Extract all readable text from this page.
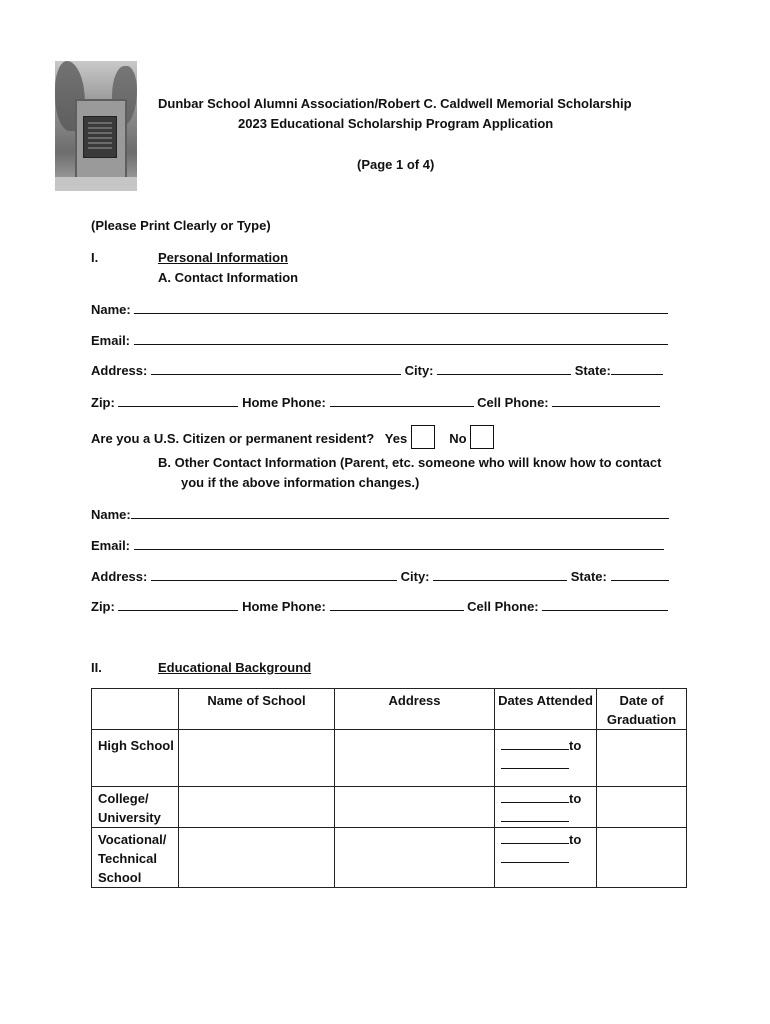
Dunbar School Alumni Association/Robert C. Caldwell Memorial Scholarship
2023 Educational Scholarship Program Application
(Page 1 of 4)
(Please Print Clearly or Type)
I.	Personal Information
A. Contact Information
Name:
Email:
Address:	City:	State:
Zip:	Home Phone:	Cell Phone:
Are you a U.S. Citizen or permanent resident? Yes	No
B. Other Contact Information (Parent, etc. someone who will know how to contact
you if the above information changes.)
Name:
Email:
Address:	City:	State:
Zip:	Home Phone:	Cell Phone:
II.	Educational Background
	Name of School	Address	Dates Attended	Date of Graduation
High School			to

College/ University			to

Vocational/ Technical School			to
